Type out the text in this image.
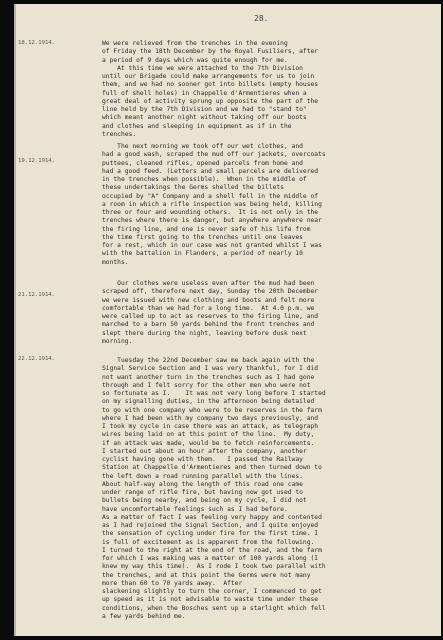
28.
18.12.1914.
19.12.1914.
21.12.1914.
22.12.1914.
We were relieved from the trenches in the evening
of Friday the 18th December by the Royal Fusiliers, after
a period of 9 days which was quite enough for me.
At this time we were attached to the 7th Division
until our Brigade could make arrangements for us to join
them, and we had no sooner got into billets (empty houses
full of shell holes) in Chappelle d'Armentieres when a
great deal of activity sprung up opposite the part of the
line held by the 7th Division and we had to "stand to"
which meant another night without taking off our boots
and clothes and sleeping in equipment as if in the
trenches.
The next morning we took off our wet clothes, and
had a good wash, scraped the mud off our jackets, overcoats
puttees, cleaned rifles, opened parcels from home and
had a good feed. (Letters and small parcels are delivered
in the trenches when possible).  When in the middle of
these undertakings the Germs shelled the billets
occupied by "A" Company and a shell fell in the middle of
a room in which a rifle inspection was being held, killing
three or four and wounding others.  It is not only in the
trenches where there is danger, but anywhere anywhere near
the firing line, and one is never safe of his life from
the time first going to the trenches until one leaves
for a rest, which in our case was not granted whilst I was
with the battalion in Flanders, a period of nearly 10
months.
Our clothes were useless even after the mud had been
scraped off, therefore next day, Sunday the 20th December
we were issued with new clothing and boots and felt more
comfortable than we had for a long time.  At 4.0 p.m. we
were called up to act as reserves to the firing line, and
marched to a barn 50 yards behind the front trenches and
slept there during the night, leaving before dusk next
morning.
Tuesday the 22nd December saw me back again with the
Signal Service Section and I was very thankful, for I did
not want another turn in the trenches such as I had gone
through and I felt sorry for the other men who were not
so fortunate as I.    It was not very long before I started
on my signalling duties, in the afternoon being detailed
to go with one company who were to be reserves in the farm
where I had been with my company two days previously, and
I took my cycle in case there was an attack, as telegraph
wires being laid on at this point of the line.  My duty,
if an attack was made, would be to fetch reinforcements.
I started out about an hour after the company, another
cyclist having gone with them.   I passed the Railway
Station at Chappelle d'Armentieres and then turned down to
the left down a road running parallel with the lines.
About half-way along the length of this road one came
under range of rifle fire, but having now got used to
bullets being nearby, and being on my cycle, I did not
have uncomfortable feelings such as I had before.
As a matter of fact I was feeling very happy and contented
as I had rejoined the Signal Section, and I quite enjoyed
the sensation of cycling under fire for the first time. I
is full of excitement as is apparent from the following.
I turned to the right at the end of the road, and the farm
for which I was making was a matter of 100 yards along (I
knew my way this time).  As I rode I took two parallel with
the trenches, and at this point the Germs were not many
more than 60 to 70 yards away.  After
slackening slightly to turn the corner, I commenced to get
up speed as it is not advisable to waste time under these
conditions, when the Bosches sent up a starlight which fell
a few yards behind me.
